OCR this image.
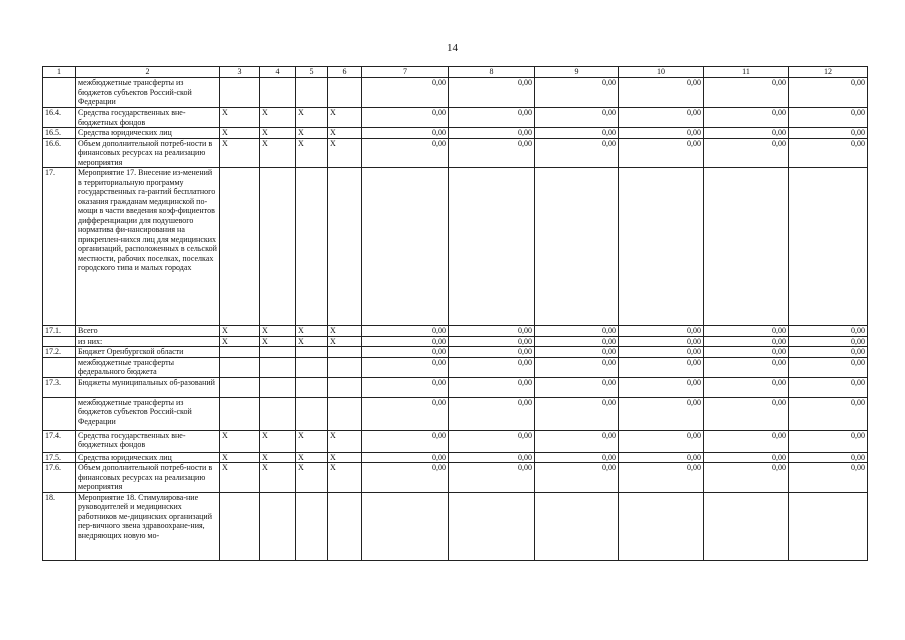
14
1	2	3	4	5	6	7	8	9	10	11	12
	межбюджетные трансферты из бюджетов субъектов Россий-ской Федерации					0,00	0,00	0,00	0,00	0,00	0,00
16.4.	Средства государственных вне-бюджетных фондов	X	X	X	X	0,00	0,00	0,00	0,00	0,00	0,00
16.5.	Средства юридических лиц	X	X	X	X	0,00	0,00	0,00	0,00	0,00	0,00
16.6.	Объем дополнительной потреб-ности в финансовых ресурсах на реализацию мероприятия	X	X	X	X	0,00	0,00	0,00	0,00	0,00	0,00
17.	Мероприятие 17. Внесение из-менений в территориальную программу государственных га-рантий бесплатного оказания гражданам медицинской по-мощи в части введения коэф-фициентов дифференциации для подушевого норматива фи-нансирования на прикреплен-нихся лиц для медицинских организаций, расположенных в сельской местности, рабочих поселках, поселках городского типа и малых городах										
17.1.	Всего	X	X	X	X	0,00	0,00	0,00	0,00	0,00	0,00
	из них:	X	X	X	X	0,00	0,00	0,00	0,00	0,00	0,00
17.2.	Бюджет Оренбургской области					0,00	0,00	0,00	0,00	0,00	0,00
	межбюджетные трансферты федерального бюджета					0,00	0,00	0,00	0,00	0,00	0,00
17.3.	Бюджеты муниципальных об-разований					0,00	0,00	0,00	0,00	0,00	0,00
	межбюджетные трансферты из бюджетов субъектов Россий-ской Федерации					0,00	0,00	0,00	0,00	0,00	0,00
17.4.	Средства государственных вне-бюджетных фондов	X	X	X	X	0,00	0,00	0,00	0,00	0,00	0,00
17.5.	Средства юридических лиц	X	X	X	X	0,00	0,00	0,00	0,00	0,00	0,00
17.6.	Объем дополнительной потреб-ности в финансовых ресурсах на реализацию мероприятия	X	X	X	X	0,00	0,00	0,00	0,00	0,00	0,00
18.	Мероприятие 18. Стимулирова-ние руководителей и медицинских работников ме-дицинских организаций пер-вичного звена здравоохране-ния, внедряющих новую мо-										
